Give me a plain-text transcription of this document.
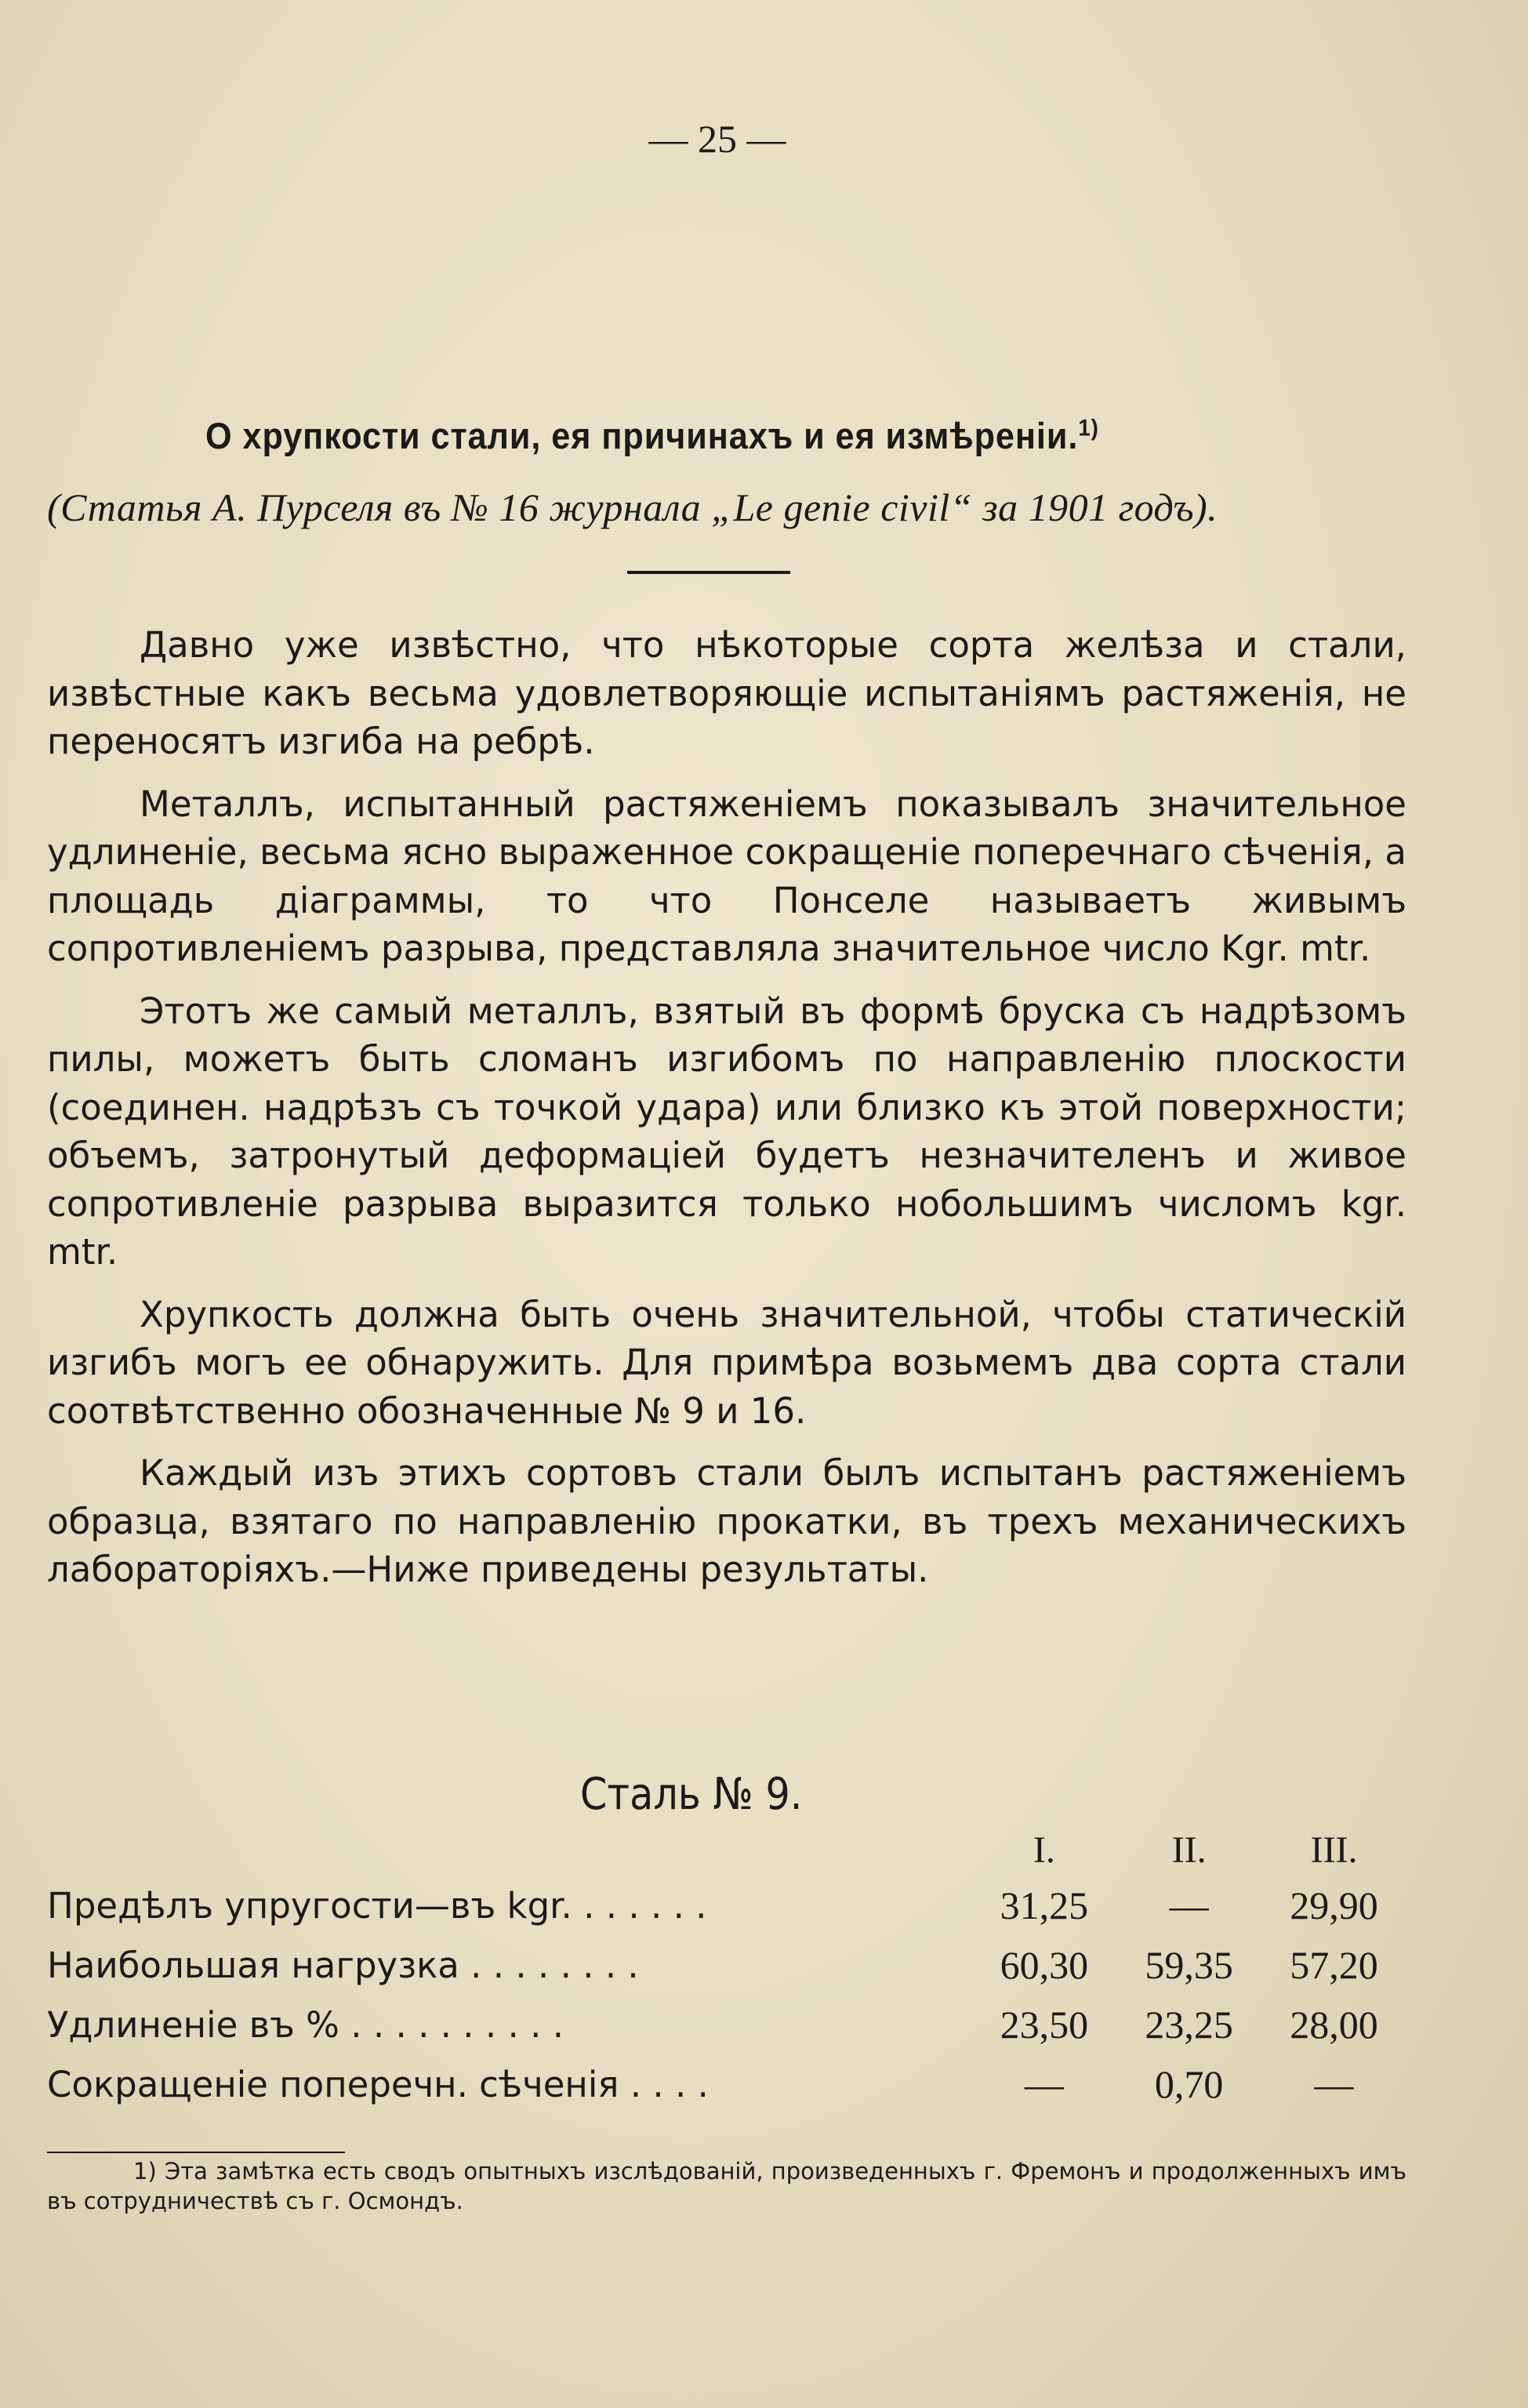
— 25 —
О хрупкости стали, ея причинахъ и ея измѣреніи.$^{1)}$
(Статья А. Пурселя въ № 16 журнала „Le genie civil“ за 1901 годъ).

Давно уже извѣстно, что нѣкоторые сорта желѣза и стали, извѣстные какъ весьма удовлетворяющіе испытаніямъ растяженія, не переносятъ изгиба на ребрѣ.

Металлъ, испытанный растяженіемъ показывалъ значительное удлиненіе, весьма ясно выраженное сокращеніе поперечнаго сѣченія, а площадь діаграммы, то что Понселе называетъ живымъ сопротивленіемъ разрыва, представляла значительное число Kgr. mtr.

Этотъ же самый металлъ, взятый въ формѣ бруска съ надрѣзомъ пилы, можетъ быть сломанъ изгибомъ по направленію плоскости (соединен. надрѣзъ съ точкой удара) или близко къ этой поверхности; объемъ, затронутый деформаціей будетъ незначителенъ и живое сопротивленіе разрыва выразится только нобольшимъ числомъ kgr. mtr.

Хрупкость должна быть очень значительной, чтобы статическій изгибъ могъ ее обнаружить. Для примѣра возьмемъ два сорта стали соотвѣтственно обозначенные № 9 и 16.

Каждый изъ этихъ сортовъ стали былъ испытанъ растяженіемъ образца, взятаго по направленію прокатки, въ трехъ механическихъ лабораторіяхъ.—Ниже приведены результаты.

Сталь № 9.
	I.	II.	III.
Предѣлъ упругости—въ kgr. . . . . . .	31,25	—	29,90
Наибольшая нагрузка . . . . . . . .	60,30	59,35	57,20
Удлиненіе въ % . . . . . . . . . .	23,50	23,25	28,00
Сокращеніе поперечн. сѣченія . . . .	—	0,70	—
1) Эта замѣтка есть сводъ опытныхъ изслѣдованій, произведенныхъ г. Фремонъ и продолженныхъ имъ въ сотрудничествѣ съ г. Осмондъ.
